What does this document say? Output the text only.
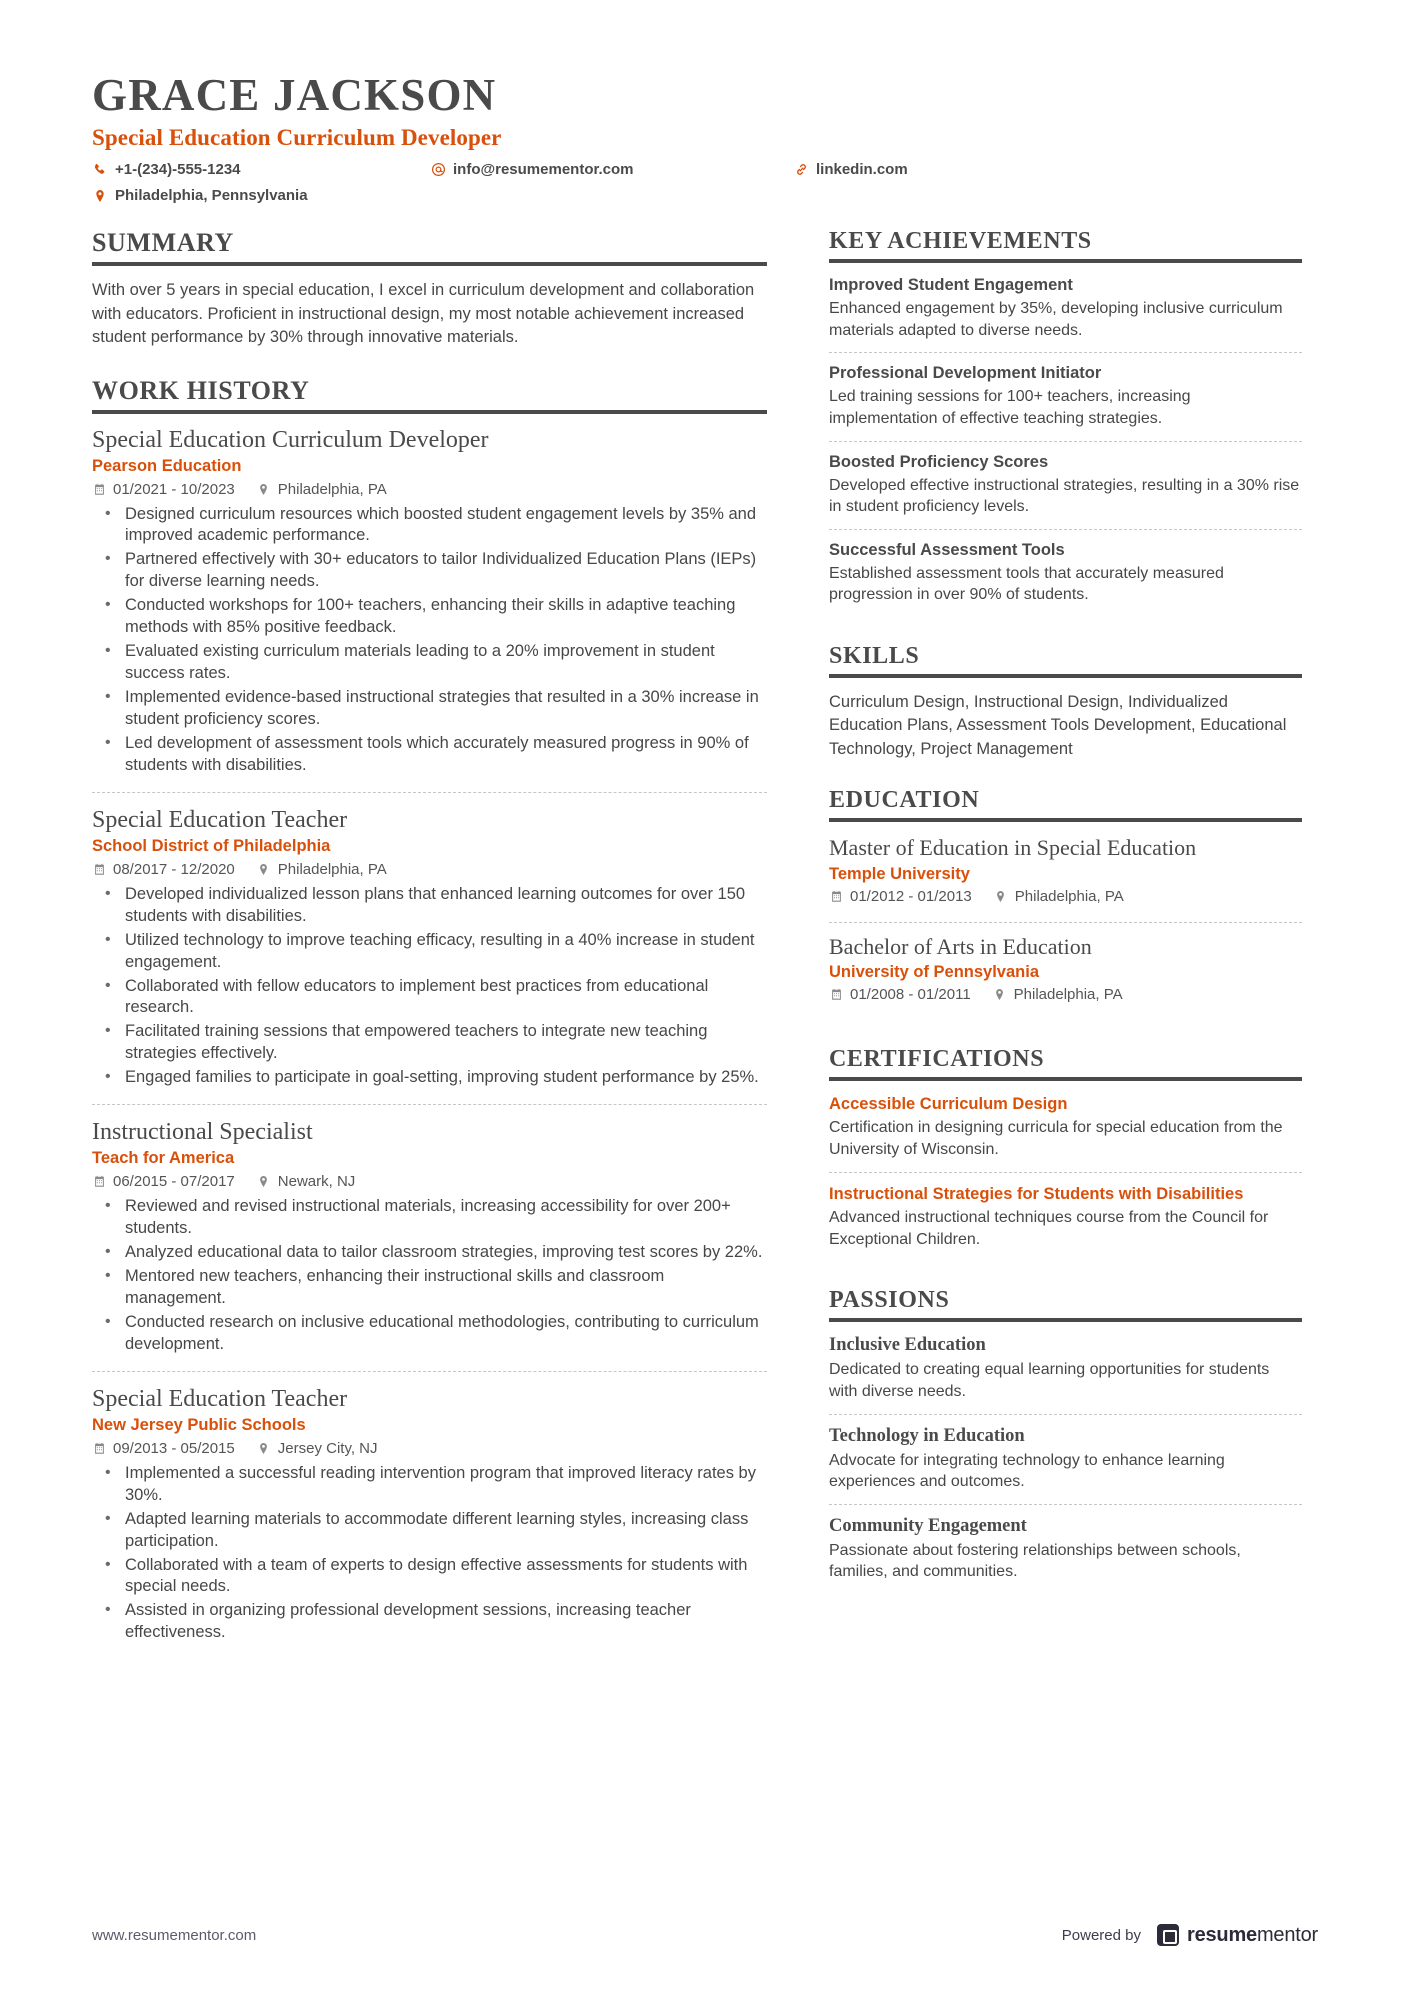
GRACE JACKSON
Special Education Curriculum Developer
+1-(234)-555-1234	info@resumementor.com	linkedin.com
Philadelphia, Pennsylvania
SUMMARY
With over 5 years in special education, I excel in curriculum development and collaboration with educators. Proficient in instructional design, my most notable achievement increased student performance by 30% through innovative materials.
WORK HISTORY
Special Education Curriculum Developer
Pearson Education
01/2021 - 10/2023	Philadelphia, PA
• Designed curriculum resources which boosted student engagement levels by 35% and improved academic performance.
• Partnered effectively with 30+ educators to tailor Individualized Education Plans (IEPs) for diverse learning needs.
• Conducted workshops for 100+ teachers, enhancing their skills in adaptive teaching methods with 85% positive feedback.
• Evaluated existing curriculum materials leading to a 20% improvement in student success rates.
• Implemented evidence-based instructional strategies that resulted in a 30% increase in student proficiency scores.
• Led development of assessment tools which accurately measured progress in 90% of students with disabilities.
Special Education Teacher
School District of Philadelphia
08/2017 - 12/2020	Philadelphia, PA
• Developed individualized lesson plans that enhanced learning outcomes for over 150 students with disabilities.
• Utilized technology to improve teaching efficacy, resulting in a 40% increase in student engagement.
• Collaborated with fellow educators to implement best practices from educational research.
• Facilitated training sessions that empowered teachers to integrate new teaching strategies effectively.
• Engaged families to participate in goal-setting, improving student performance by 25%.
Instructional Specialist
Teach for America
06/2015 - 07/2017	Newark, NJ
• Reviewed and revised instructional materials, increasing accessibility for over 200+ students.
• Analyzed educational data to tailor classroom strategies, improving test scores by 22%.
• Mentored new teachers, enhancing their instructional skills and classroom management.
• Conducted research on inclusive educational methodologies, contributing to curriculum development.
Special Education Teacher
New Jersey Public Schools
09/2013 - 05/2015	Jersey City, NJ
• Implemented a successful reading intervention program that improved literacy rates by 30%.
• Adapted learning materials to accommodate different learning styles, increasing class participation.
• Collaborated with a team of experts to design effective assessments for students with special needs.
• Assisted in organizing professional development sessions, increasing teacher effectiveness.
KEY ACHIEVEMENTS
Improved Student Engagement
Enhanced engagement by 35%, developing inclusive curriculum materials adapted to diverse needs.
Professional Development Initiator
Led training sessions for 100+ teachers, increasing implementation of effective teaching strategies.
Boosted Proficiency Scores
Developed effective instructional strategies, resulting in a 30% rise in student proficiency levels.
Successful Assessment Tools
Established assessment tools that accurately measured progression in over 90% of students.
SKILLS
Curriculum Design, Instructional Design, Individualized Education Plans, Assessment Tools Development, Educational Technology, Project Management
EDUCATION
Master of Education in Special Education
Temple University
01/2012 - 01/2013	Philadelphia, PA
Bachelor of Arts in Education
University of Pennsylvania
01/2008 - 01/2011	Philadelphia, PA
CERTIFICATIONS
Accessible Curriculum Design
Certification in designing curricula for special education from the University of Wisconsin.
Instructional Strategies for Students with Disabilities
Advanced instructional techniques course from the Council for Exceptional Children.
PASSIONS
Inclusive Education
Dedicated to creating equal learning opportunities for students with diverse needs.
Technology in Education
Advocate for integrating technology to enhance learning experiences and outcomes.
Community Engagement
Passionate about fostering relationships between schools, families, and communities.
www.resumementor.com	Powered by resumementor
